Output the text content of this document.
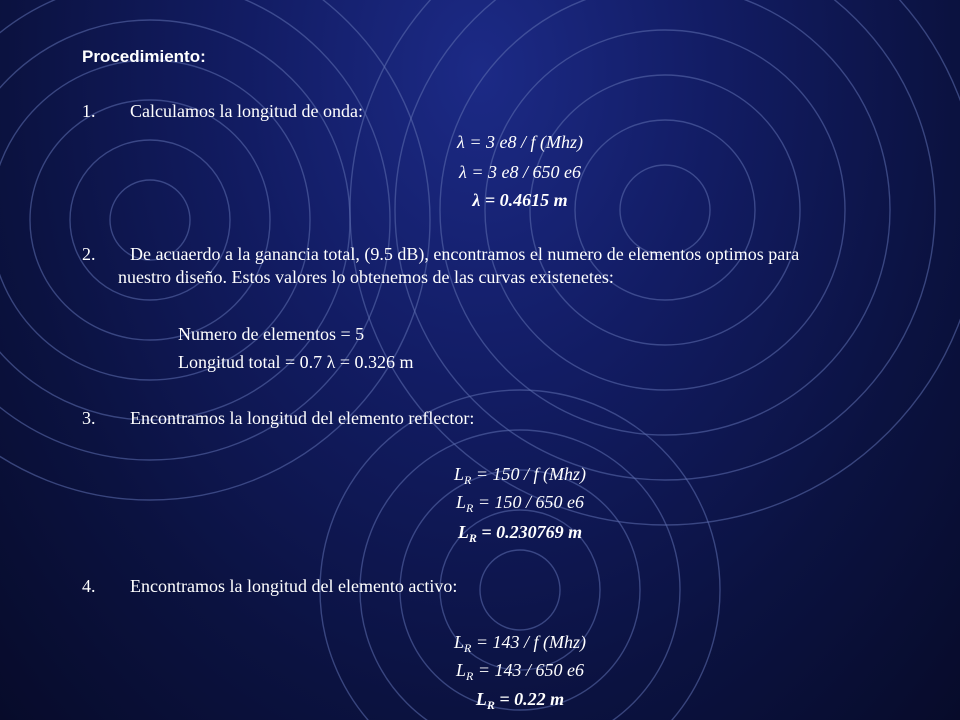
Procedimiento:
1. Calculamos la longitud de onda:
λ = 3 e8 / f (Mhz)
λ = 3 e8 / 650 e6
λ = 0.4615 m
2. De acuaerdo a la ganancia total, (9.5 dB), encontramos el numero de elementos optimos para
nuestro diseño. Estos valores lo obtenemos de las curvas existenetes:
Numero de elementos = 5
Longitud total = 0.7 λ = 0.326 m
3. Encontramos la longitud del elemento reflector:
$L_R = 150 / f$ (Mhz)
$L_R = 150 / 650$ e6
$L_R = 0.230769$ m
4. Encontramos la longitud del elemento activo:
$L_R = 143 / f$ (Mhz)
$L_R = 143 / 650$ e6
$L_R = 0.22$ m
